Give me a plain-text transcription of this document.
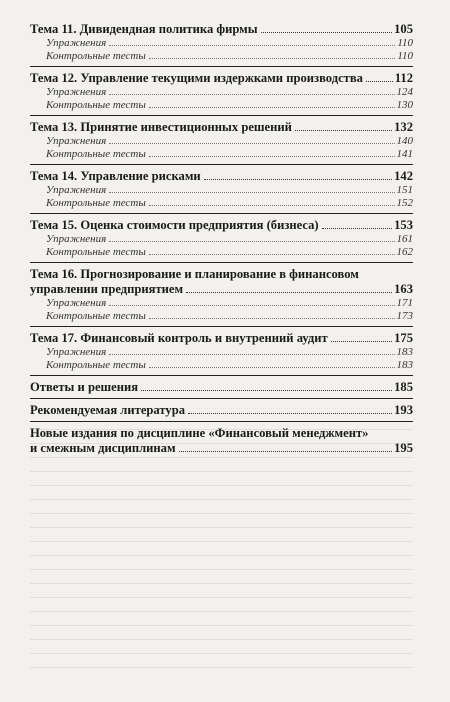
Тема 11. Дивидендная политика фирмы	105
Упражнения	110
Контрольные тесты	110
Тема 12. Управление текущими издержками производства	112
Упражнения	124
Контрольные тесты	130
Тема 13. Принятие инвестиционных решений	132
Упражнения	140
Контрольные тесты	141
Тема 14. Управление рисками	142
Упражнения	151
Контрольные тесты	152
Тема 15. Оценка стоимости предприятия (бизнеса)	153
Упражнения	161
Контрольные тесты	162
Тема 16. Прогнозирование и планирование в финансовом
управлении предприятием	163
Упражнения	171
Контрольные тесты	173
Тема 17. Финансовый контроль и внутренний аудит	175
Упражнения	183
Контрольные тесты	183
Ответы и решения	185
Рекомендуемая литература	193
Новые издания по дисциплине «Финансовый менеджмент»
и смежным дисциплинам	195
